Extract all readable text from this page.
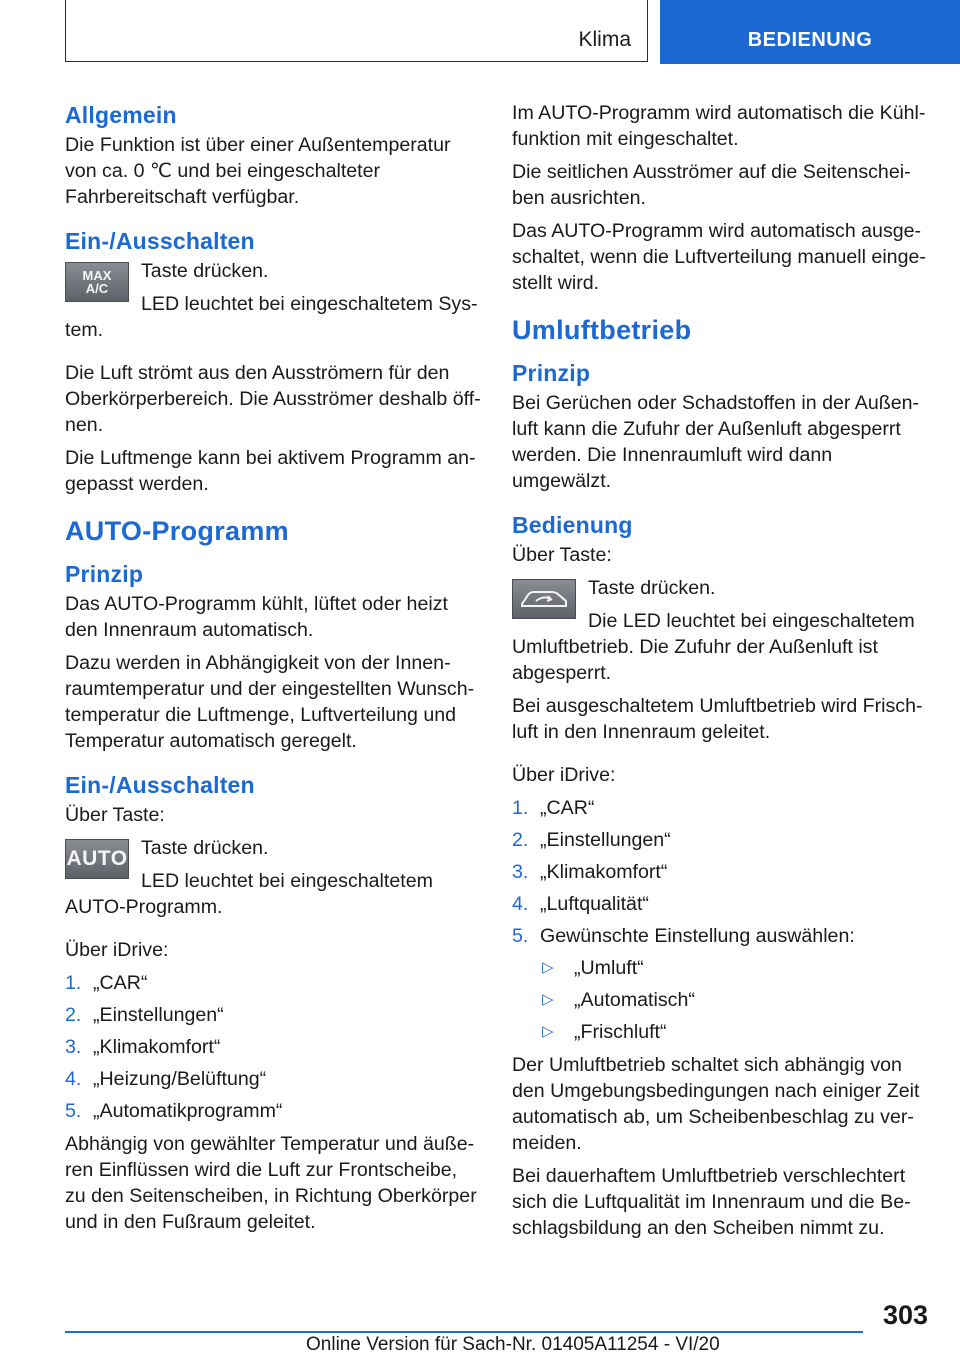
Klima	BEDIENUNG
Allgemein

Die Funktion ist über einer Außentemperatur von ca. 0 ℃ und bei eingeschalteter Fahrbereitschaft verfügbar.

Ein-/Ausschalten
MAX
A/C

Taste drücken.

LED leuchtet bei eingeschaltetem System.

Die Luft strömt aus den Ausströmern für den Oberkörperbereich. Die Ausströmer deshalb öffnen.

Die Luftmenge kann bei aktivem Programm angepasst werden.

AUTO-Programm
Prinzip

Das AUTO-Programm kühlt, lüftet oder heizt den Innenraum automatisch.

Dazu werden in Abhängigkeit von der Innenraumtemperatur und der eingestellten Wunschtemperatur die Luftmenge, Luftverteilung und Temperatur automatisch geregelt.

Ein-/Ausschalten

Über Taste:

AUTO Taste drücken.

LED leuchtet bei eingeschaltetem AUTO-Programm.

Über iDrive:

1. „CAR“
2. „Einstellungen“
3. „Klimakomfort“
4. „Heizung/Belüftung“
5. „Automatikprogramm“

Abhängig von gewählter Temperatur und äußeren Einflüssen wird die Luft zur Frontscheibe, zu den Seitenscheiben, in Richtung Oberkörper und in den Fußraum geleitet.

Im AUTO-Programm wird automatisch die Kühlfunktion mit eingeschaltet.

Die seitlichen Ausströmer auf die Seitenscheiben ausrichten.

Das AUTO-Programm wird automatisch ausgeschaltet, wenn die Luftverteilung manuell eingestellt wird.

Umluftbetrieb
Prinzip

Bei Gerüchen oder Schadstoffen in der Außenluft kann die Zufuhr der Außenluft abgesperrt werden. Die Innenraumluft wird dann umgewälzt.

Bedienung

Über Taste:

Taste drücken.

Die LED leuchtet bei eingeschaltetem Umluftbetrieb. Die Zufuhr der Außenluft ist abgesperrt.

Bei ausgeschaltetem Umluftbetrieb wird Frischluft in den Innenraum geleitet.

Über iDrive:

1. „CAR“
2. „Einstellungen“
3. „Klimakomfort“
4. „Luftqualität“
5. Gewünschte Einstellung auswählen:
▷ „Umluft“
▷ „Automatisch“
▷ „Frischluft“

Der Umluftbetrieb schaltet sich abhängig von den Umgebungsbedingungen nach einiger Zeit automatisch ab, um Scheibenbeschlag zu vermeiden.

Bei dauerhaftem Umluftbetrieb verschlechtert sich die Luftqualität im Innenraum und die Beschlagsbildung an den Scheiben nimmt zu.

303
Online Version für Sach-Nr. 01405A11254 - VI/20
